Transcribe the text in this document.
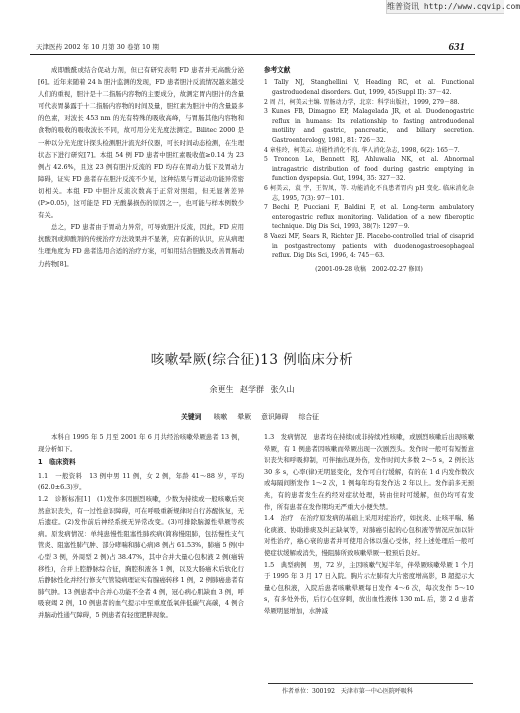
维普资讯 http://www.cqvip.com
天津医药 2002 年 10 月第 30 卷第 10 期	631

成即酸酰或结合促动力剂，但已有研究表明 FD 患者并无高酸分泌[6]。近年来随着 24 h 胆汁监测的发现，FD 患者胆汁反流情况越来越受人们的重视，胆汁是十二指肠内容物的主要成分，故测定胃内胆汁的含量可代表胃暴露于十二指肠内容物的时间及量，胆红素为胆汁中的含量最多的色素，对波长 453 nm 的光有特殊的吸收高峰，与胃肠其他内容物和食物的吸收的吸收波长不同，故可用分光光度法测定。Bilitec 2000 是一种以分光光度计探头检测胆汁流光纤仪器，可长时间动态检测，在生理状态下进行研究[7]。本组 54 例 FD 患者中胆红素吸收值≥0.14 为 23 例占 42.6%，且这 23 例有胆汁反流的 FD 均存在胃动力低下及胃动力障碍，证实 FD 患者存在胆汁反流不少见，这种结果与胃运动功能异常密切相关。本组 FD 中胆汁反流次数高于正常对照组，但无显著差异(P>0.05)，这可能是 FD 无酸暴损伤的原因之一，也可能与样本例数少有关。

总之，FD 患者由于胃动力异常，可导致胆汁反流，因此，FD 应用抗酸剂或抑酸剂的传统治疗方法效果并不显著，应有新的认识，应从病理生理角度为 FD 患者选用合适的治疗方案，可如用结合胆酸及改善胃肠动力药物[8]。

参考文献

1 Tally NJ, Stanghellini V, Heading RC, et al. Functional gastroduodenal disorders. Gut, 1999, 45(Suppl II): 37－42.

2 周 吕，柯美云主编. 胃肠动力学，北京：科学出版社，1999, 279－88.

3 Kunes FB, Dimagno EP, Malagelada JR, et al. Duodenogastric reflux in humans: Its relationship to fasting antroduodenal motility and gastric, pancreatic, and biliary secretion. Gastroenterology, 1981, 81: 726－32.

4 章桂玲，柯美云. 功能性消化不良. 华人消化杂志, 1998, 6(2): 165－7.

5 Troncon Le, Bennett RJ, Ahluwalia NK, et al. Abnormal intragastric distribution of food during gastric emptying in function dyspepsia. Gut, 1994, 35: 327－32.

6 柯美云，袁 宇，王智凤，等. 功能消化不良患者胃内 pH 变化. 临床消化杂志, 1995, 7(3): 97－101.

7 Bechi P, Pucciani F, Baldini F, et al. Long-term ambulatory enterogastric reflux monitoring. Validation of a new fiberoptic technique. Dig Dis Sci, 1993, 38(7): 1297－9.

8 Vaezi MF, Sears R, Richter JE. Placebo-controlled trial of cisaprid in postgastrectomy patients with duodenogastroesophageal reflux. Dig Dis Sci, 1996, 4: 745－63.

(2001-09-28 收稿　2002-02-27 修回)
咳嗽晕厥(综合征)13 例临床分析
余更生 赵学群 张久山
关键词 咳嗽 晕厥 意识障碍 综合征

本科自 1995 年 5 月至 2001 年 6 月共经治咳嗽晕厥患者 13 例，现分析如下。

1　临床资料

1.1　一般资料　13 例中男 11 例，女 2 例，年龄 41～88 岁，平均(62.0±6.3)岁。

1.2　诊断标准[1]　(1)发作多因剧烈咳嗽，少数为持续或一般咳嗽后突然意识丧失，有一过性意识障碍，可在呼吸重新规律时自行苏醒恢复，无后遗症。(2)发作前后神经系统无异常改变。(3)可排除脑源性晕厥等疾病。原发病情况：单纯患慢性阻塞性肺疾病(简称慢阻肺，包括慢性支气管炎、阻塞性肺气肿、部分哮喘和肺心病)8 例占 61.53%，肺癌 5 例(中心型 3 例，外周型 2 例)占 38.47%，其中合并大量心包积液 2 例(癌转移性)，合并上腔静脉综合征，胸腔积液各 1 例，以及大肠癌术后软化行后静脉性化并经行修支气管镜病理证实有腺癌转移 1 例，2 例肺癌患者有肺气肿。13 例患者中合并心功能不全者 4 例，冠心病心肌缺血 3 例，呼吸衰竭 2 例，10 例患者的血气提示中至重度低氧伴低碳气高碳，4 例合并脑动性通气障碍，5 例患者有轻度肥胖现象。

1.3　发病情况　患者均在持续(或非持续)性咳嗽，或剧烈咳嗽后出现咳嗽晕厥，有 1 例患者因咳嗽而晕厥出现一次剧烈头。发作时一般可有短暂意识丧失和呼吸抑制，可伴抽出现外伤，发作时间大多数 2～5 s，2 例长达 30 多 s，心率(律)无明显变化，发作可自行缓解，有的在 1 d 内发作数次或每隔间断发作 1～2 次，1 例每年均有发作达 2 年以上。发作前多无预兆，有的患者发生在约经对症状处理，转由住时可缓解，但仍均可有发作，所有患者在发作期均无严重大小便失禁。

1.4　治疗　在治疗原发病的基础上采用对症治疗，如抗炎、止咳平喘、稀化痰液、协助排痰及纠正缺氧等，对肺癌引起的心包积液等情况应加以针对性治疗，癌心衰的患者并可使用合体以强心受体，经上述处理后一般可使症状缓解或消失，慢阻肺所致咳嗽晕厥一般预后良好。

1.5　典型病例　男，72 岁，主因咳嗽气短半年，伴晕厥咳嗽晕厥 1 个月于 1995 年 3 月 17 日入院。胸片示左肺有大片密度增高影，B 超提示大量心包积液，入院后患者咳嗽晕厥每日发作 4～6 次，每次发作 5～10 s，有多处外伤，后行心包穿刺，放出血性液体 130 mL 后，第 2 d 患者晕厥明显增加，水肿减

作者单位：300192　天津市第一中心医院呼吸科
